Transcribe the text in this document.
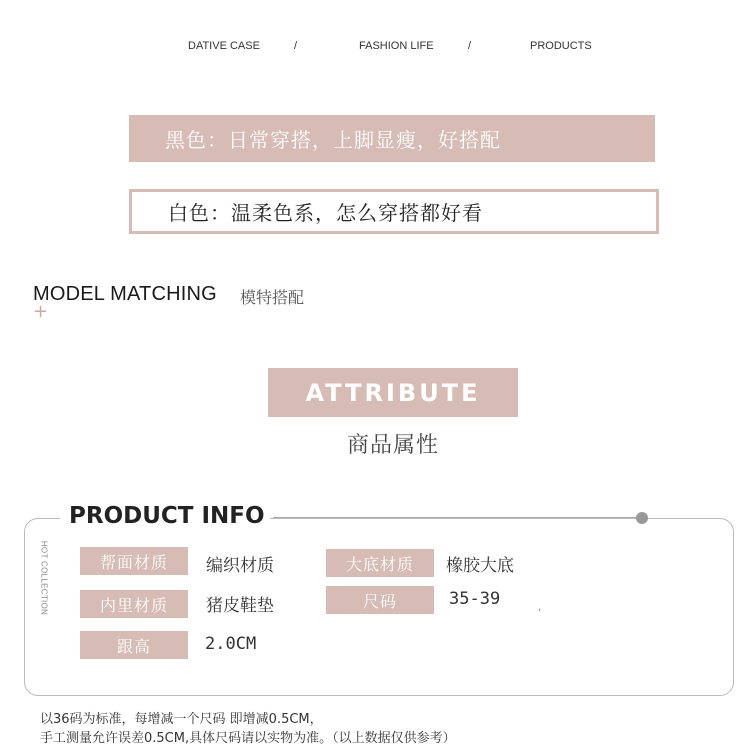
DATIVE CASE	/	FASHION LIFE	/	PRODUCTS
黑色 ：日常穿搭，上脚显瘦，好搭配
白色 ：温柔色系，怎么穿搭都好看
MODEL MATCHING 模特搭配
+
ATTRIBUTE
商品属性
PRODUCT INFO
HOT COLLECTION	帮面材质	编织材质	大底材质	橡胶大底
内里材质	猪皮鞋垫	尺码	35-39	,
跟高	2.0CM
以36码为标准，每增减一个尺码 即增减0.5CM，
手工测量允许误差0.5CM,具体尺码请以实物为准。（以上数据仅供参考）
